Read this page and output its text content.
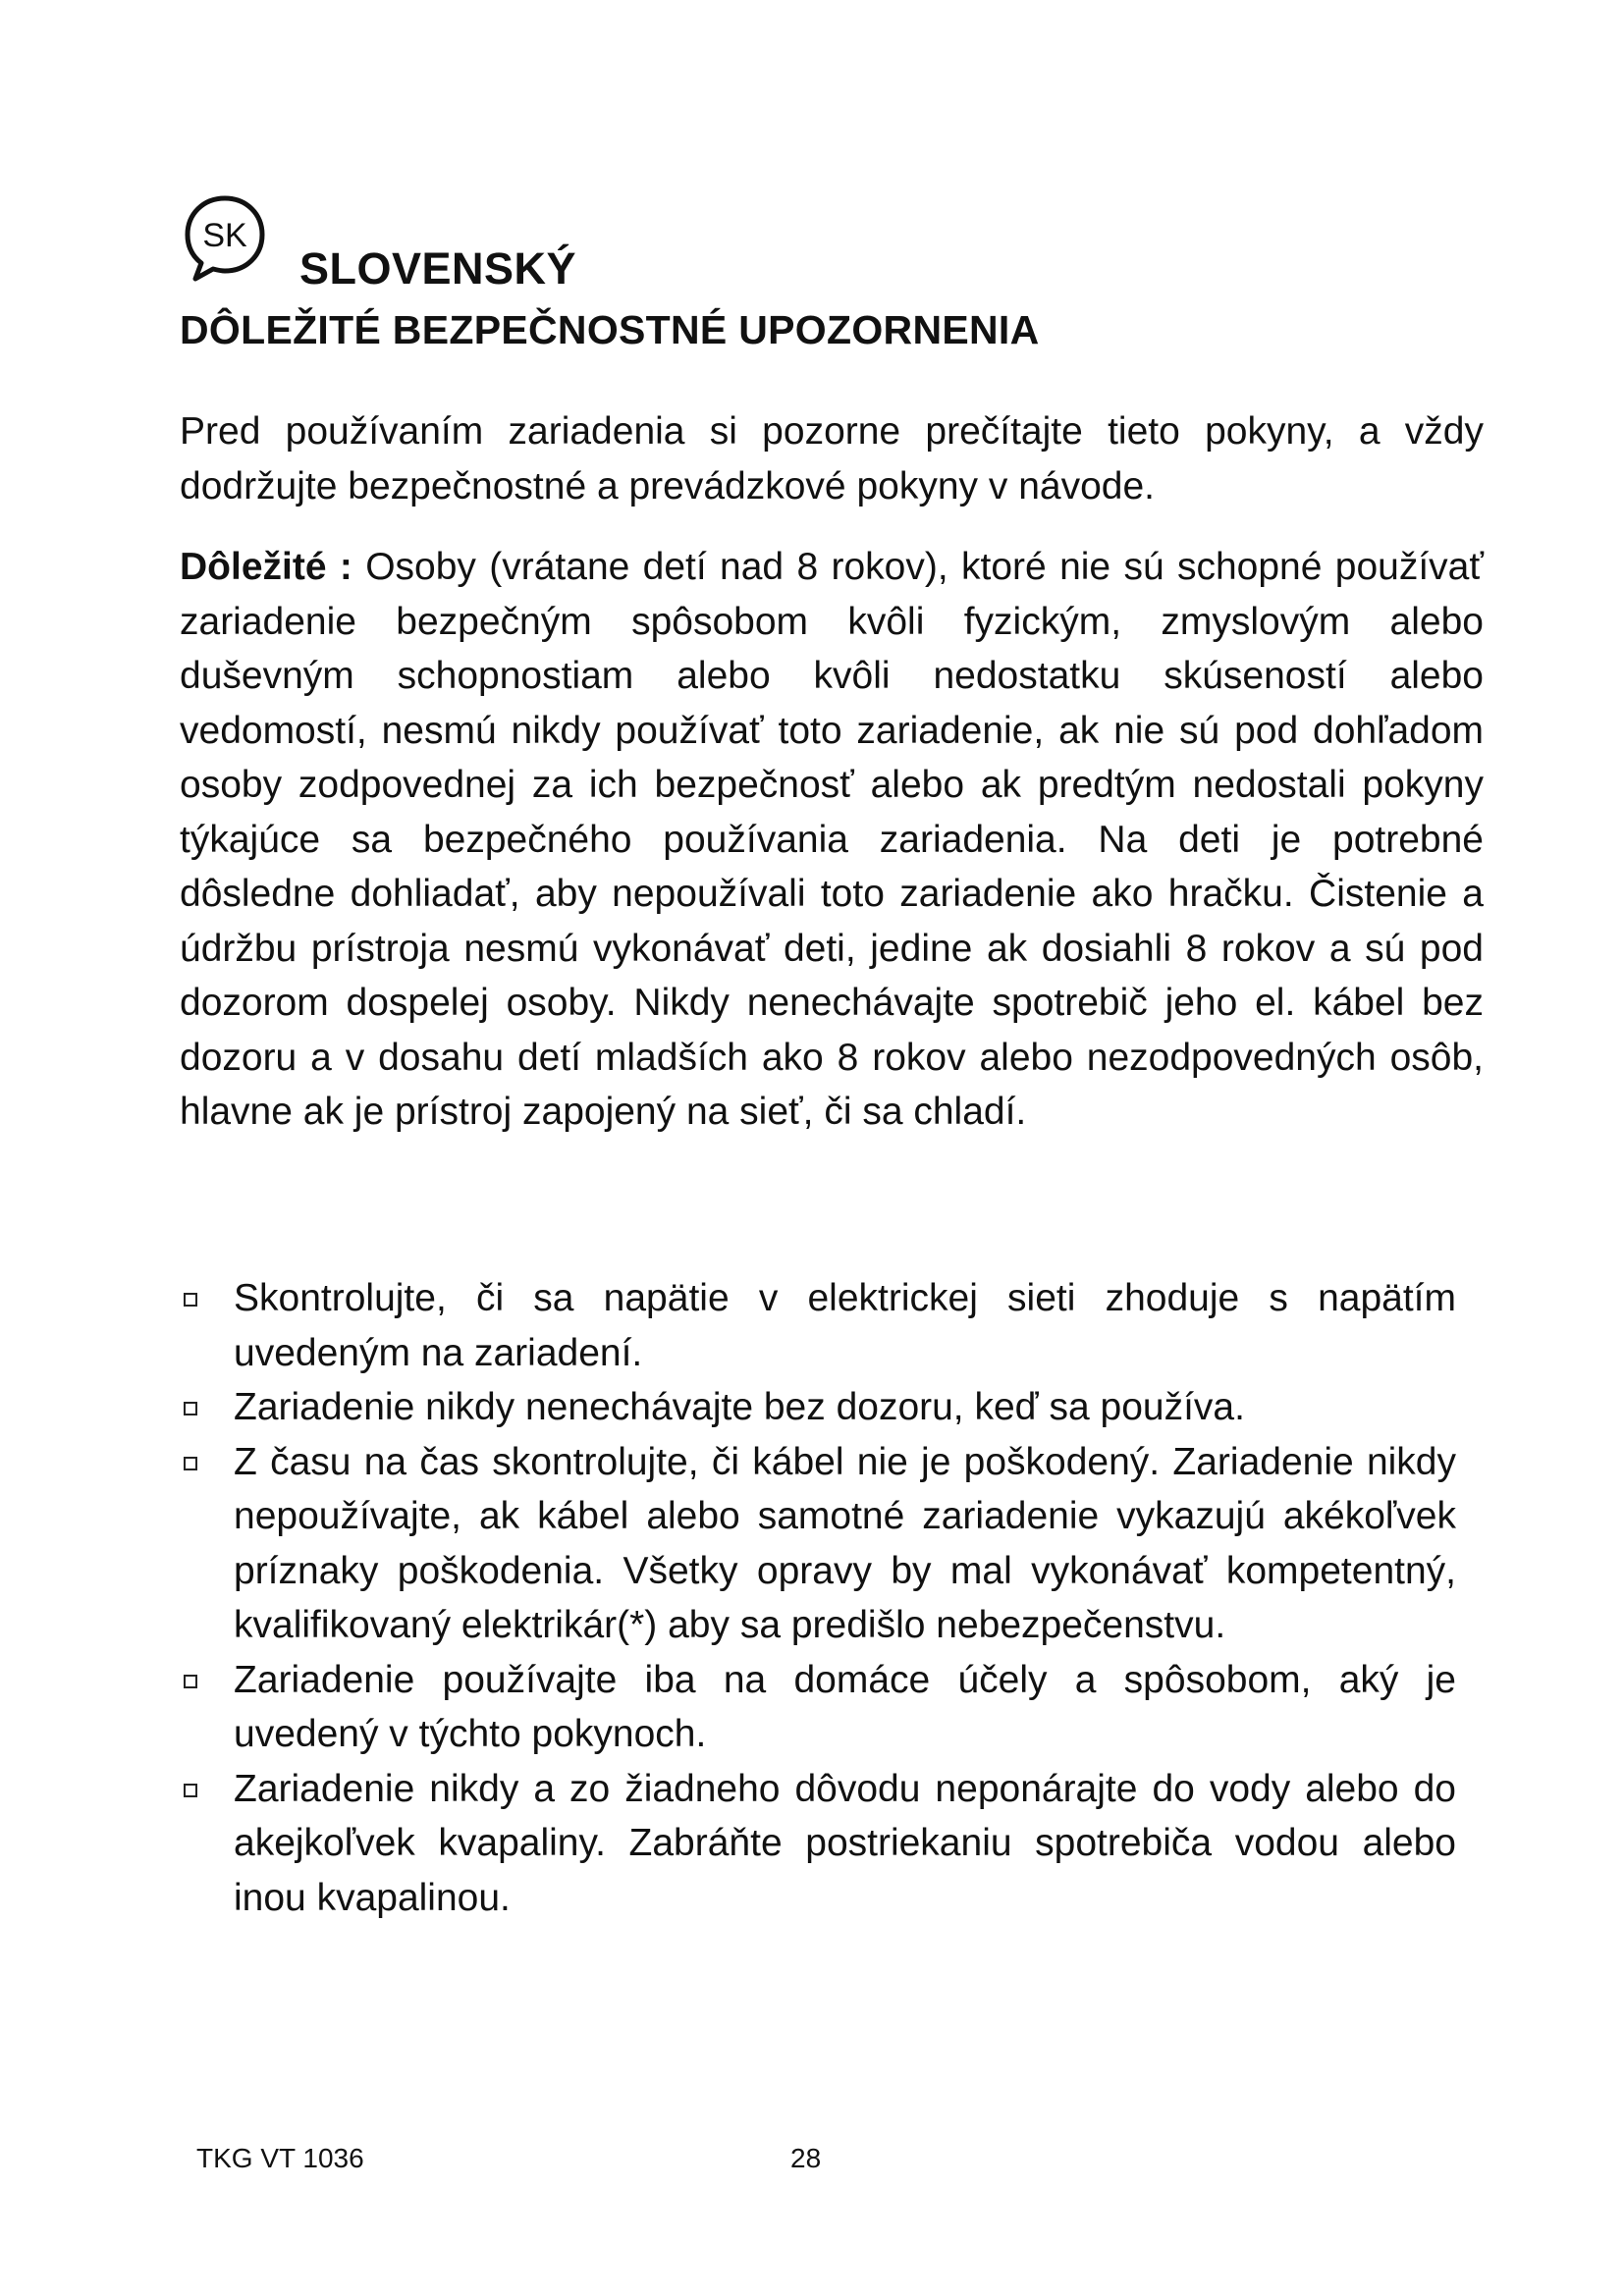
SK
SLOVENSKÝ
DÔLEŽITÉ BEZPEČNOSTNÉ UPOZORNENIA

Pred používaním zariadenia si pozorne prečítajte tieto pokyny, a vždy dodržujte bezpečnostné a prevádzkové pokyny v návode.

Dôležité : Osoby (vrátane detí nad 8 rokov), ktoré nie sú schopné používať zariadenie bezpečným spôsobom kvôli fyzickým, zmyslovým alebo duševným schopnostiam alebo kvôli nedostatku skúseností alebo vedomostí, nesmú nikdy používať toto zariadenie, ak nie sú pod dohľadom osoby zodpovednej za ich bezpečnosť alebo ak predtým nedostali pokyny týkajúce sa bezpečného používania zariadenia. Na deti je potrebné dôsledne dohliadať, aby nepoužívali toto zariadenie ako hračku. Čistenie a údržbu prístroja nesmú vykonávať deti, jedine ak dosiahli 8 rokov a sú pod dozorom dospelej osoby. Nikdy nenechávajte spotrebič jeho el. kábel bez dozoru a v dosahu detí mladších ako 8 rokov alebo nezodpovedných osôb, hlavne ak je prístroj zapojený na sieť, či sa chladí.

Skontrolujte, či sa napätie v elektrickej sieti zhoduje s napätím uvedeným na zariadení.
Zariadenie nikdy nenechávajte bez dozoru, keď sa používa.
Z času na čas skontrolujte, či kábel nie je poškodený. Zariadenie nikdy nepoužívajte, ak kábel alebo samotné zariadenie vykazujú akékoľvek príznaky poškodenia. Všetky opravy by mal vykonávať kompetentný, kvalifikovaný elektrikár(*) aby sa predišlo nebezpečenstvu.
Zariadenie používajte iba na domáce účely a spôsobom, aký je uvedený v týchto pokynoch.
Zariadenie nikdy a zo žiadneho dôvodu neponárajte do vody alebo do akejkoľvek kvapaliny. Zabráňte postriekaniu spotrebiča vodou alebo inou kvapalinou.
TKG VT 1036	28
